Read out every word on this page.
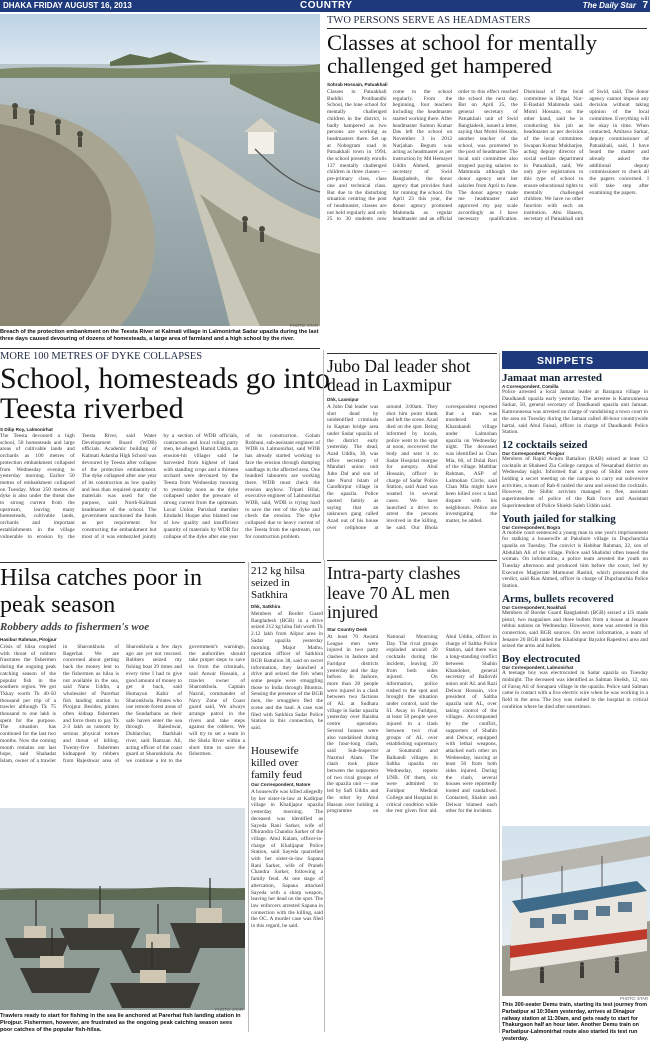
DHAKA FRIDAY AUGUST 16, 2013	COUNTRY	The Daily Star 7
PHOTO: STAR
Breach of the protection embankment on the Teesta River at Kalmati village in Lalmonirhat Sadar upazila during the last three days caused devouring of dozens of homesteads, a large area of farmland and a high school by the river.
TWO PERSONS SERVE AS HEADMASTERS
Classes at school for mentally challenged get hampered
Sohrab Hossain, Patuakhali

Classes in Patuakhali Buddhi Protibandhi School, the lone school for mentally challenged children in the district, is badly hampered as two persons are working as headmasters there. Set up at Nobogram road in Patuakhali town in 1994, the school presently enrolls 137 mentally challenged children in three classes — pre-primary class, class one and technical class. But due to the disturbing situation centring the post of headmaster, classes are not held regularly and only 25 to 30 students now come to the school regularly. From the beginning, four teachers including the headmaster started working there. After headmaster Sumon Kumar Das left the school on November 3 in 2012 Nurjahan Begum was acting as headmaster as per instruction by Md Hemayet Uddin Ahmed, general secretary of Swid Bangladesh, the donor agency that provides fund for running the school. On April 23 this year, the donor agency promoted Mahmuda as regular headmaster and an official order to this effect reached the school the next day. But on April 25, the general secretary of Patuakhali unit of Swid Bangladesh, issued a letter, saying that Momi Hossain, another teacher of the school, was promoted to the post of headmaster. The local unit committee also stopped paying salaries to Mahmuda although the donor agency sent her salaries from April to June. The donor agency made me headmaster and approved my pay scale accordingly as I have necessary qualification. Dismissal of the local committee is illegal, Nur-E-Rashid Mahmuda said. Momi Hossain, on the other hand, said he is conducting his job as headmaster as per decision of the local committee. Swapan Kumar Mukharjee, acting deputy director of social welfare department in Patuakhali, said, We only give registration to this type of school to ensure educational rights to mentally challenged children. We have no other function with such an institution. Abu Hasem, secretary of Patuakhali unit of Swid, said, The donor agency cannot impose any decision without taking opinion of the local committee. Everything will be okay in time. When contacted, Amitava Sarkar, deputy commissioner of Patuakhali, said, I have heard the matter and already asked the additional deputy commissioner to check all the papers concerned. I will take step after examining the papers.

MORE 100 METRES OF DYKE COLLAPSES
School, homesteads go into Teesta riverbed
S Dilip Roy, Lalmonirhat

The Teesta devoured a high school, 50 homesteads and large areas of cultivable lands and orchards as 100 metres of protection embankment collapsed from Wednesday evening to yesterday morning. Earlier 50 metres of embankment collapsed on Tuesday. Most 250 metres of dyke is also under the threat due to strong current from the upstream, leaving many homesteads, cultivable lands, orchards and important establishments in the village vulnerable to erosion by the Teesta River, said Water Development Board (WDB) officials. Academic building of Kalmati Adarsha High School was devoured by Teesta after collapse of the protection embankment. The dyke collapsed after one year of its construction as low quality and less than required quantity of materials was used for the purpose, said North-Kalmati headmaster of the school. The government sanctioned the funds as per requirement for constructing the embankment but most of it was embezzled jointly by a section of WDB officials, contractors and local ruling party men, he alleged. Hamid Uddin, an erosion-hit villager said he harvested from highest of land with standing crops and a thirteen orchard were devoured by the Teesta from Wednesday morning to yesterday noon as the dyke collapsed under the pressure of strong current from the upstream. Local Union Parishad member Emdadul Hoque also blamed use of low quality and insufficient quantity of materials by WDB for collapse of the dyke after one year of its construction. Golam Robbani, sub-assistant engineer of WDB in Lalmonirhat, said WDB has already started working to face the erosion through dumping sandbags in the affected area. One hundred labourers are working there. WDB must check the erosion anyhow. Tripati Hilal, executive engineer of Lalmonirhat WDB, said, WDB is trying hard to save the rest of the dyke and check the erosion. The dyke collapsed due to heavy current of the Teesta from the upstream, not for construction problem.

Jubo Dal leader shot dead in Laxmipur
Dhk, Laxmipur

A Jubo Dal leader was shot dead by unidentified criminals in Kaptan bridge area under Sadar upazila of the district early yesterday. The dead, Azad Uddin, 30, was office secretary of Mandari union unit Jubo Dal and son of late Nurul Islam of Gandhirpur village in the upazila. Police quoted family as saying that an unknown gang called Azad out of his house over cellphone at around 3:00am. They shot him point blank and left the scene. Azad died on the spot. Being informed by locals, police went to the spot at noon, recovered the body and sent it to Sadar Hospital morgue for autopsy. Abul Hossain, officer in charge of Sadar Police Station, said Azad was wanted in several cases. We have launched a drive to arrest the persons involved in the killing, he said. Our Bhola correspondent reported that a man was murdered at Kharakandi village under Lalmohan upazila on Wednesday night. The deceased was identified as Chan Mia, 60, of Dulal Rari of the village. Matbbar Rahman, ASP of Lalmohan Circle, said Chan Mia might have been killed over a land dispute with his neighbours. Police are investigating the matter, he added.

SNIPPETS
Jamaat man arrested
A Correspondent, Comilla
Police arrested a local Jamaat leader at Barapara village in Daudkandi upazila early yesterday. The arrestee is Kamrunnessa Sarkar, 50, general secretary of Daudkandi upazila unit Jamaat. Kamrunnessa was arrested on charge of vandalising a town court in the area on Tuesday during the Jamaat called 48-hour countrywide hartal, said Abul Faisal, officer in charge of Daudkandi Police Station.
12 cocktails seized
Our Correspondent, Pirojpur
Members of Rapid Action Battalion (RAB) seized at least 12 cocktails at Shaheed Zia College campus of Nesarabad district on Wednesday night. Informed that a group of Shibir men were holding a secret meeting on the campus to carry out subversive activities, a team of Rab-8 raided the area and seized the cocktails. However, the Shibir activists managed to flee, assistant superintendent of police of the Rab force and Assistant Superintendent of Police Shiekh Saleh Uddin said.
Youth jailed for stalking
Our Correspondent, Bogra
A mobile court sentenced a young man to one year's imprisonment for stalking a housewife at Pakshore village in Dupchanchia upazila on Tuesday. The convict is Habibar Rahman, 22, son of Abdullah Ali of the village. Police said Shahidul often teased the woman. On information, a police team arrested the youth on Tuesday afternoon and produced him before the court, led by Executive Magistrate Mamunur Rashid, which pronounced the verdict, said Rias Ahmed, officer in charge of Dupchanchia Police Station.
Arms, bullets recovered
Our Correspondent, Noakhali
Members of Border Guard Bangladesh (BGB) seized a US made pistol, two magazines and three bullets from a house at Jenaore rebhui nations on Wednesday. However, none was arrested in this connection, said BGB sources. On secret information, a team of Jenaore 26 BGB raided the Khalishpur Bayalot Rapeshwi area and seized the arms and bullets.
Boy electrocuted
Our Correspondent, Lalmonirhat
A teenage boy was electrocuted in Sadar upazila on Tuesday midnight. The deceased was identified as Salman Sheikh, 12, son of Faruq Ali of Sonapara village in the upazila. Police said Salman came in contact with a live electric wire when he was working in a field in the area. The boy was rushed to the hospital in critical condition where he died after sometimes.
Hilsa catches poor in peak season
Robbery adds to fishermen's woe
Hasibur Rahman, Pirojpur

Crisis of hilsa coupled with threat of robbers frustrates the fishermen during the ongoing peak catching season of the popular fish in the southern region. We got Tkkay worth Tk 40-50 thousand per trip of a trawler although Tk 75 thousand to one lakh is spent for the purpose. The situation has continued for the last two months. Now the coming month remains our last hope, said Shahadat Islam, owner of a trawler in Sharonkhola of Bagerhat. We are concerned about getting back the money lent to the fishermen as hilsa is not available in the sea, said Nanu Uddin, a wholesaler of Parerhat fish landing station in Pirojpur. Besides, pirates often kidnap fishermen and force them to pay Tk 2-3 lakh as ransom by serious physical torture and threat of killing. Twenty-five fishermen kidnapped by robbers from Rajeshwar area of Sharonkhola a few days ago are yet not rescued. Robbers seized my fishing boat 29 times and every time I had to give good amount of money to get it back, said Humayun Kabir of Sharonkhola. Pirates who use remote forest areas of the Sundarbans as their safe haven enter the sea through Baleshwar, Dublarchar, Jharkhali river, said Ramzan Ali, acting officer of the coast guard at Sharonkhola. As we continue a lot to the government's warnings, the authorities should take proper steps to save us from the criminals, said Anwar Hossain, a trawler owner of Sharonkhola. Captain Nazrul, commander of Navy Zone of Coast guard said, We always arrange patrol in the rivers and take steps against the robbers. We will try to set a team in the Shela River within a short time to save the fishermen.

212 kg hilsa seized in Satkhira
Dhk, Satkhira

Members of Border Guard Bangladesh (BGB) in a drive seized 212 kg hilsa fish worth Tk 2.12 lakh from Alipur area in Sadar upazila yesterday morning. Major Mathu, operation officer of Satkhira BGB Battalion 38, said on secret information, they launched a drive and seized the fish when some people were smuggling those to India through Bhomra. Sensing the presence of the BGB men, the smugglers fled the scene and the haul. A case was filed with Satkhira Sadar Police Station in this connection, he said.

Housewife killed over family feud
Our Correspondent, Natore

A housewife was killed allegedly by her sister-in-law at Kadirpur village in Khalijapur upazila yesterday morning. The deceased was identified as Sayeda Rani Sarker, wife of Dhirandra Chandra Sarker of the village. Abul Kalam, officer-in-charge of Khalijapur Police Station, said Sayeda quarrelled with her sister-in-law Sapana Rani Sarker, wife of Praneb Chandra Sarker, following a family feud. At one stage of altercation, Sapana attacked Sayeda with a sharp weapon, leaving her dead on the spot. The law enforcers arrested Sapana in connection with the killing, said the OC. A murder case was filed in this regard, he said.

Intra-party clashes leave 70 AL men injured
Star Country Desk

At least 70 Awami League men were injured in two party clashes in Jashore and Faridpur districts yesterday and the day before. In Jashore, more than 20 people were injured in a clash between two factions of AL at Sudhara village in Sadar upazila yesterday over Baishta centre operation. Several houses were also vandalised during the hour-long clash, said Sub-Inspector Nazmul Alam. The clash took place between the supporters of two rival groups of the upazila unit — one led by Safi Uddin and the other by Abul Hassan over holding a programme on National Mourning Day. The rival groups exploded around 20 cocktails during the incident, leaving 20 from both sides injured. On information, police rushed to the spot and brought the situation under control, said the SI. Away in Faridpur, at least 50 people were injured in a clash between two rival groups of AL over establishing supremacy at Sonatundi and Balkandi villages in Saltha upazila on Wednesday, reports UNB. Of them, six were admitted to Faridpur Medical College and Hospital in critical condition while the rest given first aid. Abul Uddin, officer in charge of Saltha Police Station, said there was a long-standing conflict between Shahin Khandoker, general secretary of Ballovdi union unit AL and Razi Delwar Hossain, vice president of Saltha upazila unit AL, over taking control of the villages. Accompanied by the conflict, supporters of Shahin and Delwar, equipped with lethal weapons, attacked each other on Wednesday, leaving at least 50 from both sides injured. During the clash, several houses were reportedly looted and vandalised. Contacted, Shahin and Delwar blamed each other for the incident.

PHOTO: STAR
Trawlers ready to start for fishing in the sea lie anchored at Parerhat fish landing station in Pirojpur. Fishermen, however, are frustrated as the ongoing peak catching season sees poor catches of the popular fish-hilsa.
PHOTO: STAR
This 300-seater Demu train, starting its test journey from Parbatipur at 10:30am yesterday, arrives at Dinajpur railway station at 11:30am, and gets ready to start for Thakurgaon half an hour later. Another Demu train on Parbatipur-Lalmonirhat route also started its test run yesterday.
